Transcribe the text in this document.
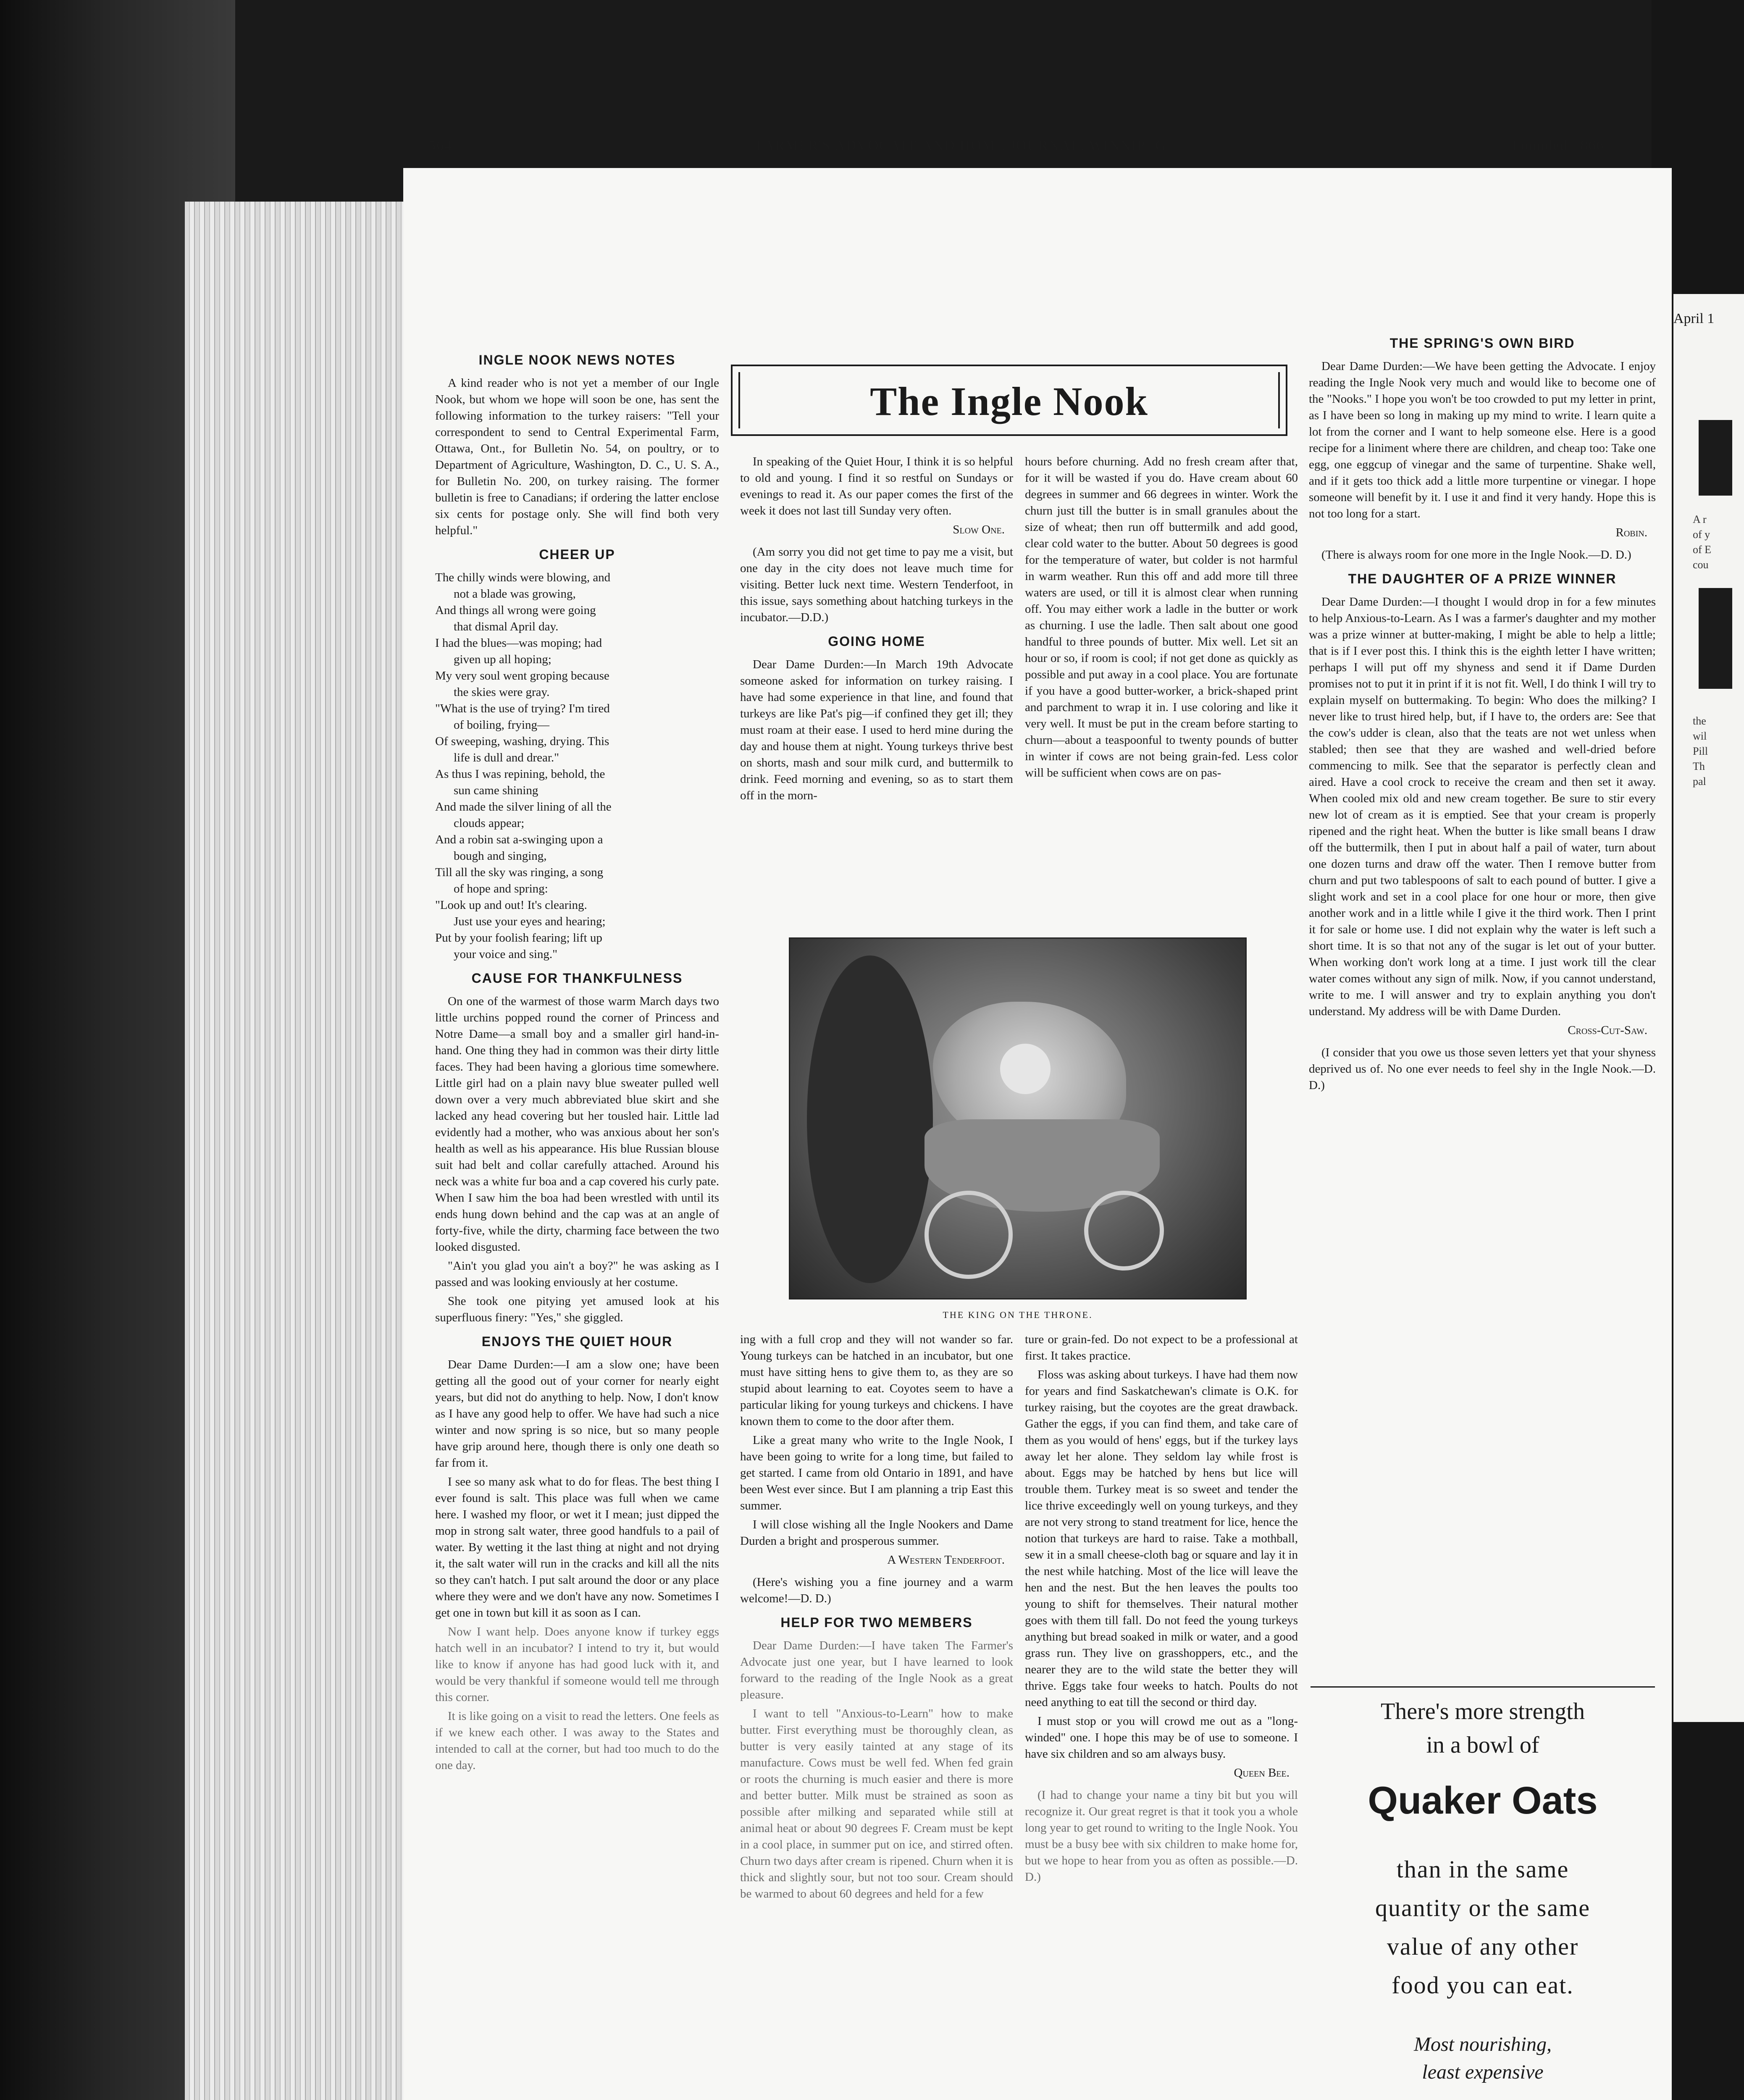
April 1
A r
of y
of E
cou
the
wil
Pill
Th
pal
564	FARMER'S ADVOCATE AND HOME JOURNAL, WINNIPEG	Founded 1866
The Ingle Nook
INGLE NOOK NEWS NOTES

A kind reader who is not yet a member of our Ingle Nook, but whom we hope will soon be one, has sent the following information to the turkey raisers: "Tell your correspondent to send to Central Experimental Farm, Ottawa, Ont., for Bulletin No. 54, on poultry, or to Department of Agriculture, Washington, D. C., U. S. A., for Bulletin No. 200, on turkey raising. The former bulletin is free to Canadians; if ordering the latter enclose six cents for postage only. She will find both very helpful."

CHEER UP

The chilly winds were blowing, and

not a blade was growing,

And things all wrong were going

that dismal April day.

I had the blues—was moping; had

given up all hoping;

My very soul went groping because

the skies were gray.

"What is the use of trying? I'm tired

of boiling, frying—

Of sweeping, washing, drying. This

life is dull and drear."

As thus I was repining, behold, the

sun came shining

And made the silver lining of all the

clouds appear;

And a robin sat a-swinging upon a

bough and singing,

Till all the sky was ringing, a song

of hope and spring:

"Look up and out! It's clearing.

Just use your eyes and hearing;

Put by your foolish fearing; lift up

your voice and sing."

CAUSE FOR THANKFULNESS

On one of the warmest of those warm March days two little urchins popped round the corner of Princess and Notre Dame—a small boy and a smaller girl hand-in-hand. One thing they had in common was their dirty little faces. They had been having a glorious time somewhere. Little girl had on a plain navy blue sweater pulled well down over a very much abbreviated blue skirt and she lacked any head covering but her tousled hair. Little lad evidently had a mother, who was anxious about her son's health as well as his appearance. His blue Russian blouse suit had belt and collar carefully attached. Around his neck was a white fur boa and a cap covered his curly pate. When I saw him the boa had been wrestled with until its ends hung down behind and the cap was at an angle of forty-five, while the dirty, charming face between the two looked disgusted.

"Ain't you glad you ain't a boy?" he was asking as I passed and was looking enviously at her costume.

She took one pitying yet amused look at his superfluous finery: "Yes," she giggled.

ENJOYS THE QUIET HOUR

Dear Dame Durden:—I am a slow one; have been getting all the good out of your corner for nearly eight years, but did not do anything to help. Now, I don't know as I have any good help to offer. We have had such a nice winter and now spring is so nice, but so many people have grip around here, though there is only one death so far from it.

I see so many ask what to do for fleas. The best thing I ever found is salt. This place was full when we came here. I washed my floor, or wet it I mean; just dipped the mop in strong salt water, three good handfuls to a pail of water. By wetting it the last thing at night and not drying it, the salt water will run in the cracks and kill all the nits so they can't hatch. I put salt around the door or any place where they were and we don't have any now. Sometimes I get one in town but kill it as soon as I can.

Now I want help. Does anyone know if turkey eggs hatch well in an incubator? I intend to try it, but would like to know if anyone has had good luck with it, and would be very thankful if someone would tell me through this corner.

It is like going on a visit to read the letters. One feels as if we knew each other. I was away to the States and intended to call at the corner, but had too much to do the one day.

In speaking of the Quiet Hour, I think it is so helpful to old and young. I find it so restful on Sundays or evenings to read it. As our paper comes the first of the week it does not last till Sunday very often.

Slow One.

(Am sorry you did not get time to pay me a visit, but one day in the city does not leave much time for visiting. Better luck next time. Western Tenderfoot, in this issue, says something about hatching turkeys in the incubator.—D.D.)

GOING HOME

Dear Dame Durden:—In March 19th Advocate someone asked for information on turkey raising. I have had some experience in that line, and found that turkeys are like Pat's pig—if confined they get ill; they must roam at their ease. I used to herd mine during the day and house them at night. Young turkeys thrive best on shorts, mash and sour milk curd, and buttermilk to drink. Feed morning and evening, so as to start them off in the morn-

hours before churning. Add no fresh cream after that, for it will be wasted if you do. Have cream about 60 degrees in summer and 66 degrees in winter. Work the churn just till the butter is in small granules about the size of wheat; then run off buttermilk and add good, clear cold water to the butter. About 50 degrees is good for the temperature of water, but colder is not harmful in warm weather. Run this off and add more till three waters are used, or till it is almost clear when running off. You may either work a ladle in the butter or work as churning. I use the ladle. Then salt about one good handful to three pounds of butter. Mix well. Let sit an hour or so, if room is cool; if not get done as quickly as possible and put away in a cool place. You are fortunate if you have a good butter-worker, a brick-shaped print and parchment to wrap it in. I use coloring and like it very well. It must be put in the cream before starting to churn—about a teaspoonful to twenty pounds of butter in winter if cows are not being grain-fed. Less color will be sufficient when cows are on pas-

THE KING ON THE THRONE.

ing with a full crop and they will not wander so far. Young turkeys can be hatched in an incubator, but one must have sitting hens to give them to, as they are so stupid about learning to eat. Coyotes seem to have a particular liking for young turkeys and chickens. I have known them to come to the door after them.

Like a great many who write to the Ingle Nook, I have been going to write for a long time, but failed to get started. I came from old Ontario in 1891, and have been West ever since. But I am planning a trip East this summer.

I will close wishing all the Ingle Nookers and Dame Durden a bright and prosperous summer.

A Western Tenderfoot.

(Here's wishing you a fine journey and a warm welcome!—D. D.)

HELP FOR TWO MEMBERS

Dear Dame Durden:—I have taken The Farmer's Advocate just one year, but I have learned to look forward to the reading of the Ingle Nook as a great pleasure.

I want to tell "Anxious-to-Learn" how to make butter. First everything must be thoroughly clean, as butter is very easily tainted at any stage of its manufacture. Cows must be well fed. When fed grain or roots the churning is much easier and there is more and better butter. Milk must be strained as soon as possible after milking and separated while still at animal heat or about 90 degrees F. Cream must be kept in a cool place, in summer put on ice, and stirred often. Churn two days after cream is ripened. Churn when it is thick and slightly sour, but not too sour. Cream should be warmed to about 60 degrees and held for a few

ture or grain-fed. Do not expect to be a professional at first. It takes practice.

Floss was asking about turkeys. I have had them now for years and find Saskatchewan's climate is O.K. for turkey raising, but the coyotes are the great drawback. Gather the eggs, if you can find them, and take care of them as you would of hens' eggs, but if the turkey lays away let her alone. They seldom lay while frost is about. Eggs may be hatched by hens but lice will trouble them. Turkey meat is so sweet and tender the lice thrive exceedingly well on young turkeys, and they are not very strong to stand treatment for lice, hence the notion that turkeys are hard to raise. Take a mothball, sew it in a small cheese-cloth bag or square and lay it in the nest while hatching. Most of the lice will leave the hen and the nest. But the hen leaves the poults too young to shift for themselves. Their natural mother goes with them till fall. Do not feed the young turkeys anything but bread soaked in milk or water, and a good grass run. They live on grasshoppers, etc., and the nearer they are to the wild state the better they will thrive. Eggs take four weeks to hatch. Poults do not need anything to eat till the second or third day.

I must stop or you will crowd me out as a "long-winded" one. I hope this may be of use to someone. I have six children and so am always busy.

Queen Bee.

(I had to change your name a tiny bit but you will recognize it. Our great regret is that it took you a whole long year to get round to writing to the Ingle Nook. You must be a busy bee with six children to make home for, but we hope to hear from you as often as possible.—D. D.)

THE SPRING'S OWN BIRD

Dear Dame Durden:—We have been getting the Advocate. I enjoy reading the Ingle Nook very much and would like to become one of the "Nooks." I hope you won't be too crowded to put my letter in print, as I have been so long in making up my mind to write. I learn quite a lot from the corner and I want to help someone else. Here is a good recipe for a liniment where there are children, and cheap too: Take one egg, one eggcup of vinegar and the same of turpentine. Shake well, and if it gets too thick add a little more turpentine or vinegar. I hope someone will benefit by it. I use it and find it very handy. Hope this is not too long for a start.

Robin.

(There is always room for one more in the Ingle Nook.—D. D.)

THE DAUGHTER OF A PRIZE WINNER

Dear Dame Durden:—I thought I would drop in for a few minutes to help Anxious-to-Learn. As I was a farmer's daughter and my mother was a prize winner at butter-making, I might be able to help a little; that is if I ever post this. I think this is the eighth letter I have written; perhaps I will put off my shyness and send it if Dame Durden promises not to put it in print if it is not fit. Well, I do think I will try to explain myself on buttermaking. To begin: Who does the milking? I never like to trust hired help, but, if I have to, the orders are: See that the cow's udder is clean, also that the teats are not wet unless when stabled; then see that they are washed and well-dried before commencing to milk. See that the separator is perfectly clean and aired. Have a cool crock to receive the cream and then set it away. When cooled mix old and new cream together. Be sure to stir every new lot of cream as it is emptied. See that your cream is properly ripened and the right heat. When the butter is like small beans I draw off the buttermilk, then I put in about half a pail of water, turn about one dozen turns and draw off the water. Then I remove butter from churn and put two tablespoons of salt to each pound of butter. I give a slight work and set in a cool place for one hour or more, then give another work and in a little while I give it the third work. Then I print it for sale or home use. I did not explain why the water is left such a short time. It is so that not any of the sugar is let out of your butter. When working don't work long at a time. I just work till the clear water comes without any sign of milk. Now, if you cannot understand, write to me. I will answer and try to explain anything you don't understand. My address will be with Dame Durden.

Cross-Cut-Saw.

(I consider that you owe us those seven letters yet that your shyness deprived us of. No one ever needs to feel shy in the Ingle Nook.—D. D.)

There's more strength
in a bowl of
Quaker Oats
than in the same
quantity or the same
value of any other
food you can eat.
Most nourishing,
least expensive
